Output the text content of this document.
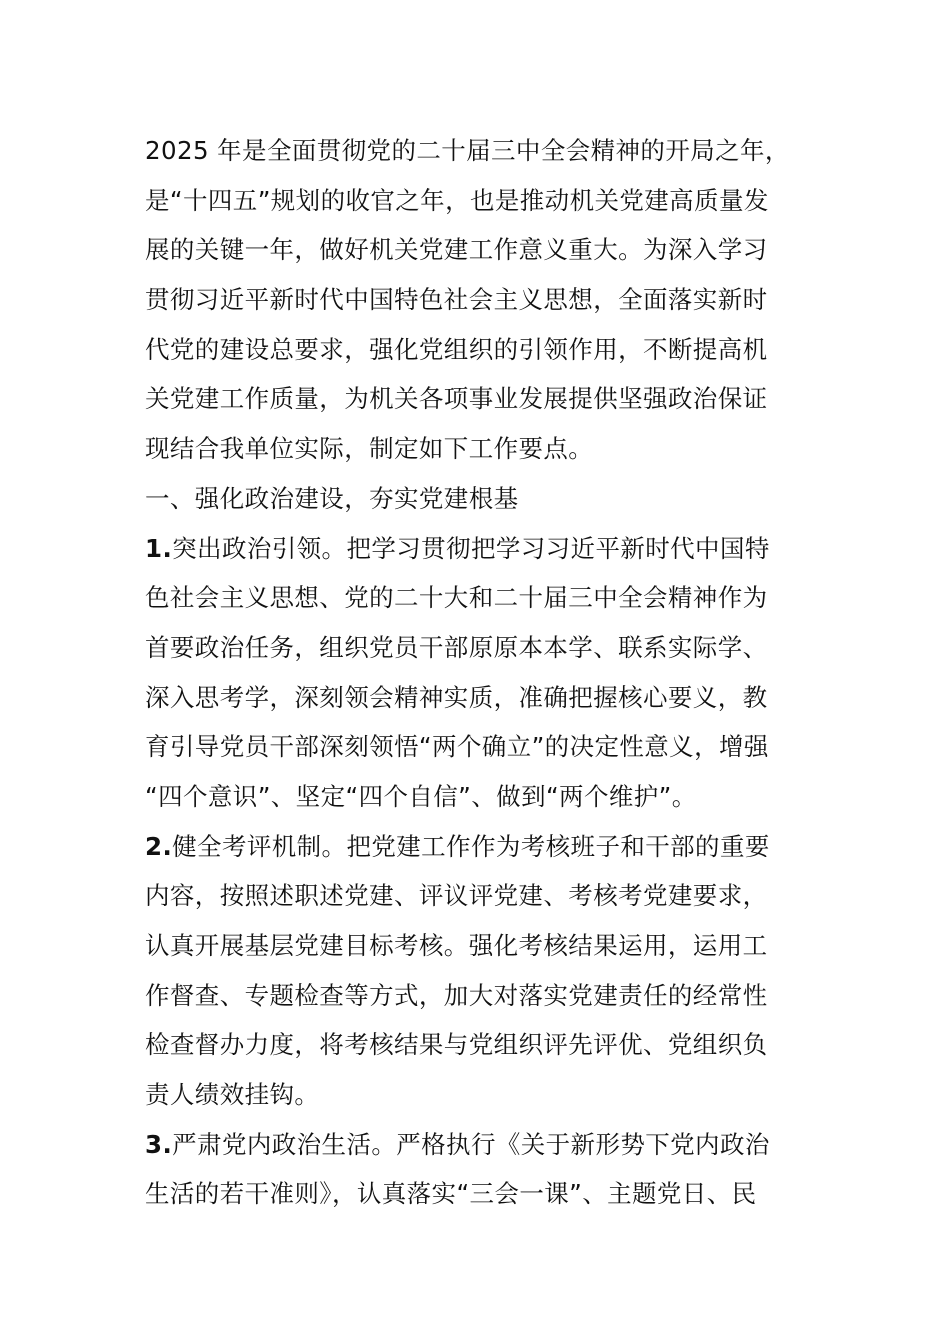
2025 年是全面贯彻党的二十届三中全会精神的开局之年，
是“十四五”规划的收官之年，也是推动机关党建高质量发
展的关键一年，做好机关党建工作意义重大。为深入学习
贯彻习近平新时代中国特色社会主义思想，全面落实新时
代党的建设总要求，强化党组织的引领作用，不断提高机
关党建工作质量，为机关各项事业发展提供坚强政治保证
现结合我单位实际，制定如下工作要点。
一、强化政治建设，夯实党建根基
1.突出政治引领。把学习贯彻把学习习近平新时代中国特
色社会主义思想、党的二十大和二十届三中全会精神作为
首要政治任务，组织党员干部原原本本学、联系实际学、
深入思考学，深刻领会精神实质，准确把握核心要义，教
育引导党员干部深刻领悟“两个确立”的决定性意义，增强
“四个意识”、坚定“四个自信”、做到“两个维护”。
2.健全考评机制。把党建工作作为考核班子和干部的重要
内容，按照述职述党建、评议评党建、考核考党建要求，
认真开展基层党建目标考核。强化考核结果运用，运用工
作督查、专题检查等方式，加大对落实党建责任的经常性
检查督办力度，将考核结果与党组织评先评优、党组织负
责人绩效挂钩。
3.严肃党内政治生活。严格执行《关于新形势下党内政治
生活的若干准则》，认真落实“三会一课”、主题党日、民
